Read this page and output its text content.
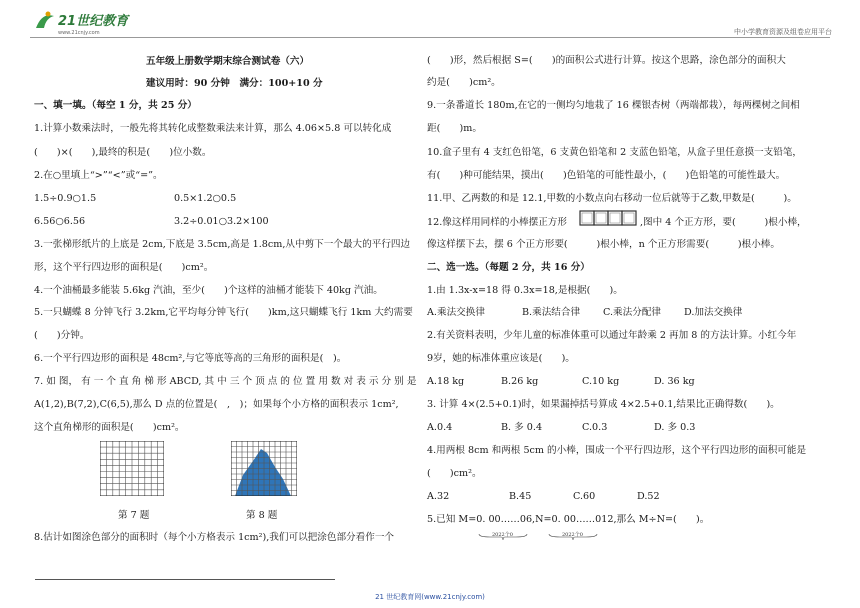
21世纪教育
www.21cnjy.com	中小学教育资源及组卷应用平台
五年级上册数学期末综合测试卷（六）
建议用时：90 分钟　满分：100+10 分
一、填一填。（每空 1 分，共 25 分）
1.计算小数乘法时，一般先将其转化成整数乘法来计算，那么 4.06×5.8 可以转化成
(　　)×(　　),最终的积是(　　)位小数。
2.在○里填上“>”“<”或“=”。
1.5÷0.9○1.5	0.5×1.2○0.5
6.56○6.56	3.2÷0.01○3.2×100
3.一张梯形纸片的上底是 2cm,下底是 3.5cm,高是 1.8cm,从中剪下一个最大的平行四边
形，这个平行四边形的面积是(　　)cm²。
4.一个油桶最多能装 5.6kg 汽油，至少(　　)个这样的油桶才能装下 40kg 汽油。
5.一只蝴蝶 8 分钟飞行 3.2km,它平均每分钟飞行(　　)km,这只蝴蝶飞行 1km 大约需要
(　　)分钟。
6.一个平行四边形的面积是 48cm²,与它等底等高的三角形的面积是(　)。
7. 如 图， 有 一 个 直 角 梯 形 ABCD, 其 中 三 个 顶 点 的 位 置 用 数 对 表 示 分 别 是
A(1,2),B(7,2),C(6,5),那么 D 点的位置是(　,　)；如果每个小方格的面积表示 1cm²,
这个直角梯形的面积是(　　)cm²。
第 7 题	第 8 题
8.估计如图涂色部分的面积时（每个小方格表示 1cm²),我们可以把涂色部分看作一个
(　　)形，然后根据 S=(　　)的面积公式进行计算。按这个思路，涂色部分的面积大
约是(　　)cm²。
9.一条番道长 180m,在它的一侧均匀地栽了 16 棵银杏树（两端都栽），每两棵树之间相
距(　　)m。
10.盒子里有 4 支红色铅笔，6 支黄色铅笔和 2 支蓝色铅笔，从盒子里任意摸一支铅笔，
有(　　)种可能结果，摸出(　　)色铅笔的可能性最小，(　　)色铅笔的可能性最大。
11.甲、乙两数的和是 12.1,甲数的小数点向右移动一位后就等于乙数,甲数是(　　　)。
12.像这样用同样的小棒摆正方形	,图中 4 个正方形，要(　　　)根小棒，
像这样摆下去，摆 6 个正方形要(　　　)根小棒，n 个正方形需要(　　　)根小棒。
二、选一选。（每题 2 分，共 16 分）
1.由 1.3x-x=18 得 0.3x=18,是根据(　　)。
A.乘法交换律	B.乘法结合律 C.乘法分配律 D.加法交换律
2.有关资料表明，少年儿童的标准体重可以通过年龄乘 2 再加 8 的方法计算。小红今年
9岁，她的标准体重应该是(　　)。
A.18 kg	B.26 kg	C.10 kg	D. 36 kg
3. 计算 4×(2.5+0.1)时，如果漏掉括号算成 4×2.5+0.1,结果比正确得数(　　)。
A.0.4	B. 多 0.4	C.0.3	D. 多 0.3
4.用两根 8cm 和两根 5cm 的小棒，围成一个平行四边形，这个平行四边形的面积可能是
(　　)cm²。
A.32	B.45	C.60	D.52
5.已知 M=0. 00……06,N=0. 00……012,那么 M÷N=(　　)。
2022个0	2022个0
21 世纪教育网(www.21cnjy.com)
